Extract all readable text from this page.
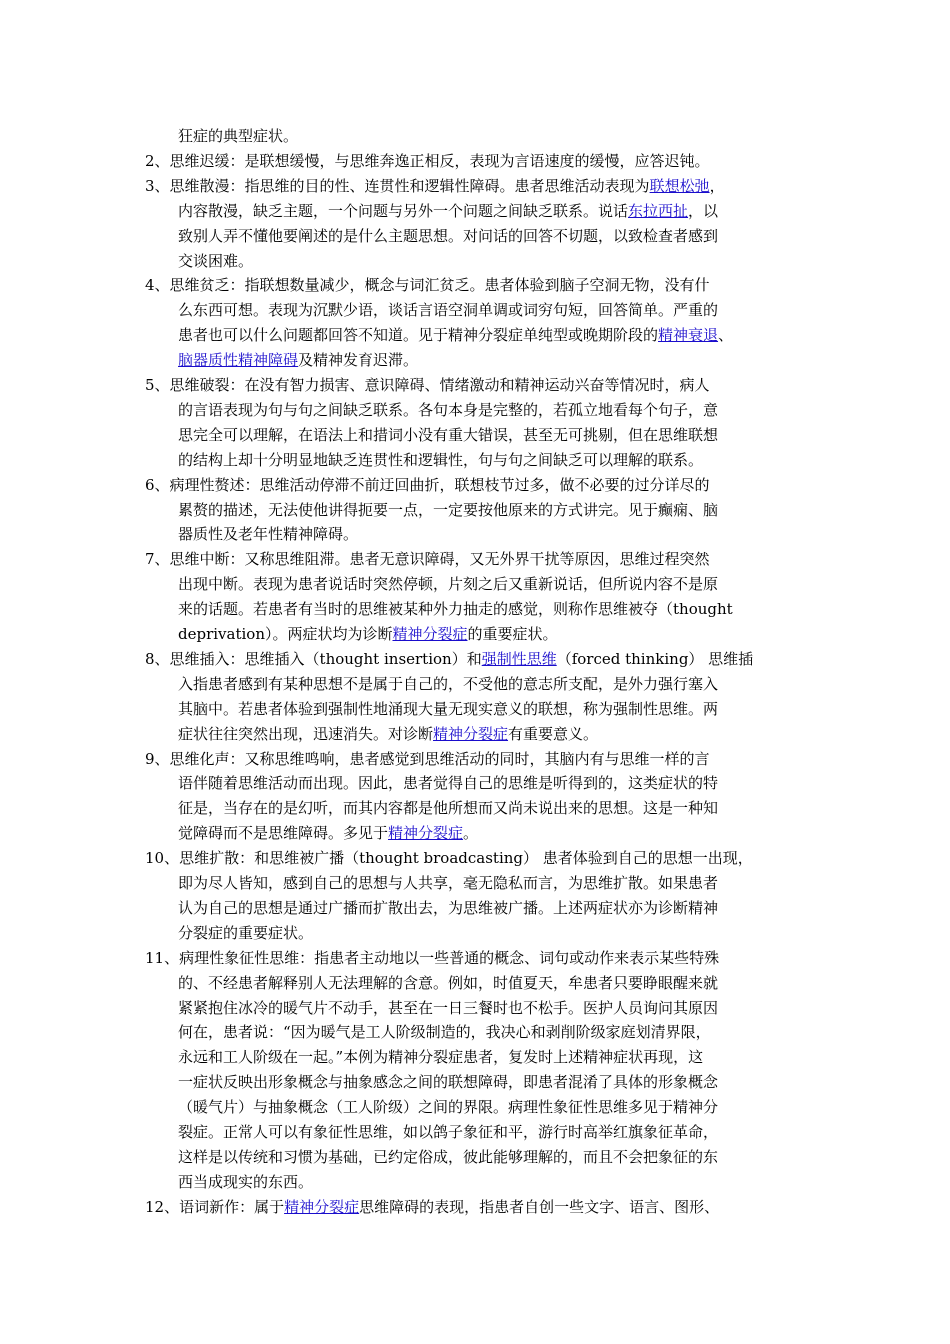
狂症的典型症状。
2、思维迟缓：是联想缓慢，与思维奔逸正相反，表现为言语速度的缓慢，应答迟钝。
3、思维散漫：指思维的目的性、连贯性和逻辑性障碍。患者思维活动表现为联想松弛，
内容散漫，缺乏主题，一个问题与另外一个问题之间缺乏联系。说话东拉西扯，以
致别人弄不懂他要阐述的是什么主题思想。对问话的回答不切题，以致检查者感到
交谈困难。
4、思维贫乏：指联想数量减少，概念与词汇贫乏。患者体验到脑子空洞无物，没有什
么东西可想。表现为沉默少语，谈话言语空洞单调或词穷句短，回答简单。严重的
患者也可以什么问题都回答不知道。见于精神分裂症单纯型或晚期阶段的精神衰退、
脑器质性精神障碍及精神发育迟滞。
5、思维破裂：在没有智力损害、意识障碍、情绪激动和精神运动兴奋等情况时，病人
的言语表现为句与句之间缺乏联系。各句本身是完整的，若孤立地看每个句子，意
思完全可以理解，在语法上和措词小没有重大错误，甚至无可挑剔，但在思维联想
的结构上却十分明显地缺乏连贯性和逻辑性，句与句之间缺乏可以理解的联系。
6、病理性赘述：思维活动停滞不前迂回曲折，联想枝节过多，做不必要的过分详尽的
累赘的描述，无法使他讲得扼要一点，一定要按他原来的方式讲完。见于癫痫、脑
器质性及老年性精神障碍。
7、思维中断：又称思维阻滞。患者无意识障碍，又无外界干扰等原因，思维过程突然
出现中断。表现为患者说话时突然停顿，片刻之后又重新说话，但所说内容不是原
来的话题。若患者有当时的思维被某种外力抽走的感觉，则称作思维被夺（thought
deprivation）。两症状均为诊断精神分裂症的重要症状。
8、思维插入：思维插入（thought insertion）和强制性思维（forced thinking） 思维插
入指患者感到有某种思想不是属于自己的，不受他的意志所支配，是外力强行塞入
其脑中。若患者体验到强制性地涌现大量无现实意义的联想，称为强制性思维。两
症状往往突然出现，迅速消失。对诊断精神分裂症有重要意义。
9、思维化声：又称思维鸣响，患者感觉到思维活动的同时，其脑内有与思维一样的言
语伴随着思维活动而出现。因此，患者觉得自己的思维是听得到的，这类症状的特
征是，当存在的是幻听，而其内容都是他所想而又尚未说出来的思想。这是一种知
觉障碍而不是思维障碍。多见于精神分裂症。
10、思维扩散：和思维被广播（thought broadcasting） 患者体验到自己的思想一出现，
即为尽人皆知，感到自己的思想与人共享，毫无隐私而言，为思维扩散。如果患者
认为自己的思想是通过广播而扩散出去，为思维被广播。上述两症状亦为诊断精神
分裂症的重要症状。
11、病理性象征性思维：指患者主动地以一些普通的概念、词句或动作来表示某些特殊
的、不经患者解释别人无法理解的含意。例如，时值夏天，牟患者只要睁眼醒来就
紧紧抱住冰冷的暖气片不动手，甚至在一日三餐时也不松手。医护人员询问其原因
何在，患者说：“因为暖气是工人阶级制造的，我决心和剥削阶级家庭划清界限，
永远和工人阶级在一起。”本例为精神分裂症患者，复发时上述精神症状再现，这
一症状反映出形象概念与抽象感念之间的联想障碍，即患者混淆了具体的形象概念
（暖气片）与抽象概念（工人阶级）之间的界限。病理性象征性思维多见于精神分
裂症。正常人可以有象征性思维，如以鸽子象征和平，游行时高举红旗象征革命，
这样是以传统和习惯为基础，已约定俗成，彼此能够理解的，而且不会把象征的东
西当成现实的东西。
12、语词新作：属于精神分裂症思维障碍的表现，指患者自创一些文字、语言、图形、
